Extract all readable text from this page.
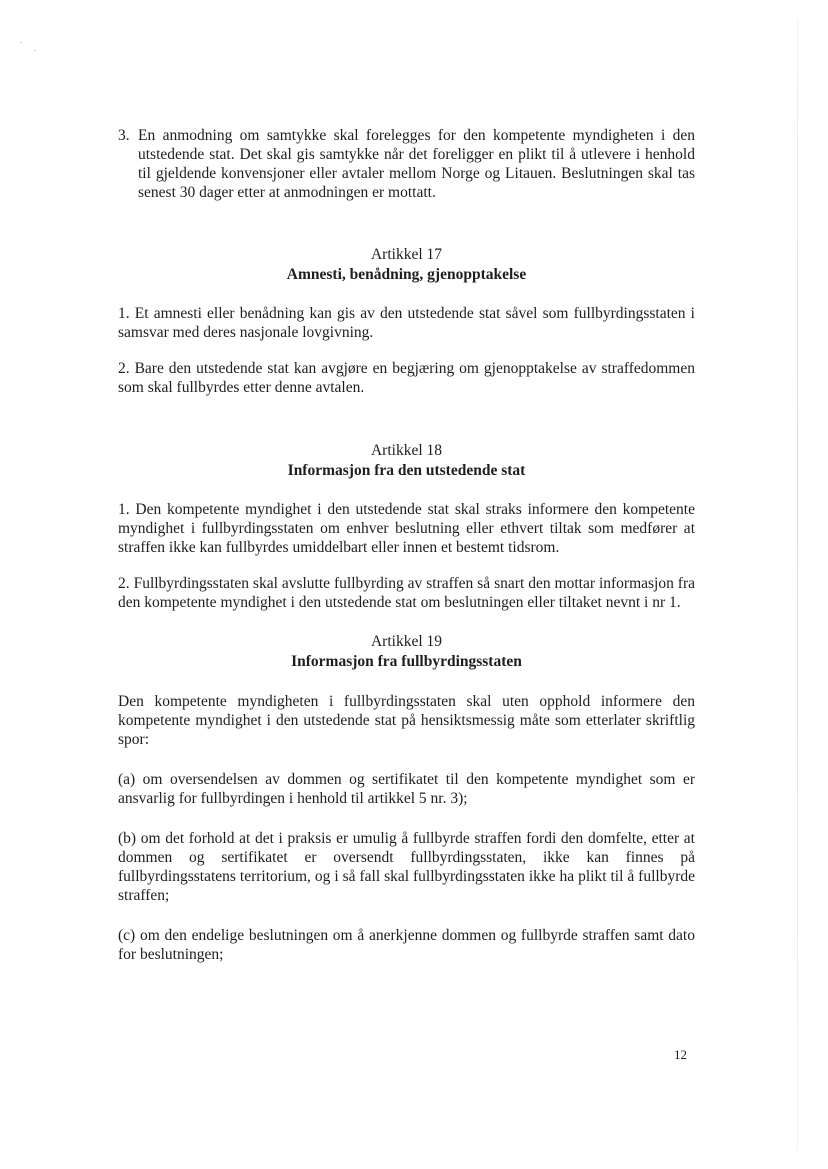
3. En anmodning om samtykke skal forelegges for den kompetente myndigheten i den utstedende stat. Det skal gis samtykke når det foreligger en plikt til å utlevere i henhold til gjeldende konvensjoner eller avtaler mellom Norge og Litauen. Beslutningen skal tas senest 30 dager etter at anmodningen er mottatt.

Artikkel 17
Amnesti, benådning, gjenopptakelse

1. Et amnesti eller benådning kan gis av den utstedende stat såvel som fullbyrdingsstaten i samsvar med deres nasjonale lovgivning.

2. Bare den utstedende stat kan avgjøre en begjæring om gjenopptakelse av straffedommen som skal fullbyrdes etter denne avtalen.

Artikkel 18
Informasjon fra den utstedende stat

1. Den kompetente myndighet i den utstedende stat skal straks informere den kompetente myndighet i fullbyrdingsstaten om enhver beslutning eller ethvert tiltak som medfører at straffen ikke kan fullbyrdes umiddelbart eller innen et bestemt tidsrom.

2. Fullbyrdingsstaten skal avslutte fullbyrding av straffen så snart den mottar informasjon fra den kompetente myndighet i den utstedende stat om beslutningen eller tiltaket nevnt i nr 1.

Artikkel 19
Informasjon fra fullbyrdingsstaten

Den kompetente myndigheten i fullbyrdingsstaten skal uten opphold informere den kompetente myndighet i den utstedende stat på hensiktsmessig måte som etterlater skriftlig spor:

(a) om oversendelsen av dommen og sertifikatet til den kompetente myndighet som er ansvarlig for fullbyrdingen i henhold til artikkel 5 nr. 3);

(b) om det forhold at det i praksis er umulig å fullbyrde straffen fordi den domfelte, etter at dommen og sertifikatet er oversendt fullbyrdingsstaten, ikke kan finnes på fullbyrdingsstatens territorium, og i så fall skal fullbyrdingsstaten ikke ha plikt til å fullbyrde straffen;

(c) om den endelige beslutningen om å anerkjenne dommen og fullbyrde straffen samt dato for beslutningen;

12
